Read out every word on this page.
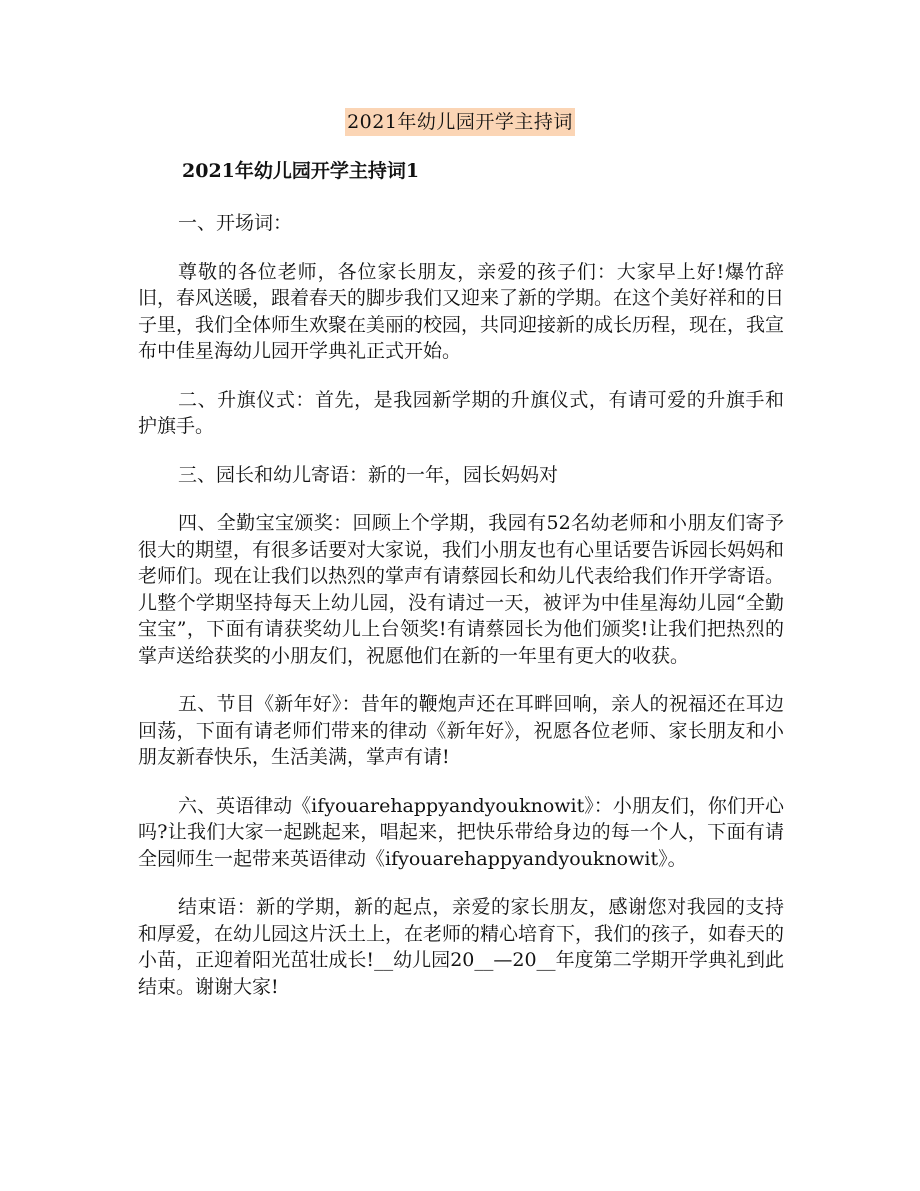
2021年幼儿园开学主持词
2021年幼儿园开学主持词1

一、开场词：

尊敬的各位老师，各位家长朋友，亲爱的孩子们：大家早上好!爆竹辞旧，春风送暖，跟着春天的脚步我们又迎来了新的学期。在这个美好祥和的日子里，我们全体师生欢聚在美丽的校园，共同迎接新的成长历程，现在，我宣布中佳星海幼儿园开学典礼正式开始。

二、升旗仪式：首先，是我园新学期的升旗仪式，有请可爱的升旗手和护旗手。

三、园长和幼儿寄语：新的一年，园长妈妈对

四、全勤宝宝颁奖：回顾上个学期，我园有52名幼老师和小朋友们寄予很大的期望，有很多话要对大家说，我们小朋友也有心里话要告诉园长妈妈和老师们。现在让我们以热烈的掌声有请蔡园长和幼儿代表给我们作开学寄语。儿整个学期坚持每天上幼儿园，没有请过一天，被评为中佳星海幼儿园“全勤宝宝”，下面有请获奖幼儿上台领奖!有请蔡园长为他们颁奖!让我们把热烈的掌声送给获奖的小朋友们，祝愿他们在新的一年里有更大的收获。

五、节目《新年好》：昔年的鞭炮声还在耳畔回响，亲人的祝福还在耳边回荡，下面有请老师们带来的律动《新年好》，祝愿各位老师、家长朋友和小朋友新春快乐，生活美满，掌声有请!

六、英语律动《ifyouarehappyandyouknowit》：小朋友们，你们开心吗?让我们大家一起跳起来，唱起来，把快乐带给身边的每一个人，下面有请全园师生一起带来英语律动《ifyouarehappyandyouknowit》。

结束语：新的学期，新的起点，亲爱的家长朋友，感谢您对我园的支持和厚爱，在幼儿园这片沃土上，在老师的精心培育下，我们的孩子，如春天的小苗，正迎着阳光茁壮成长!__幼儿园20__—20__年度第二学期开学典礼到此结束。谢谢大家!
